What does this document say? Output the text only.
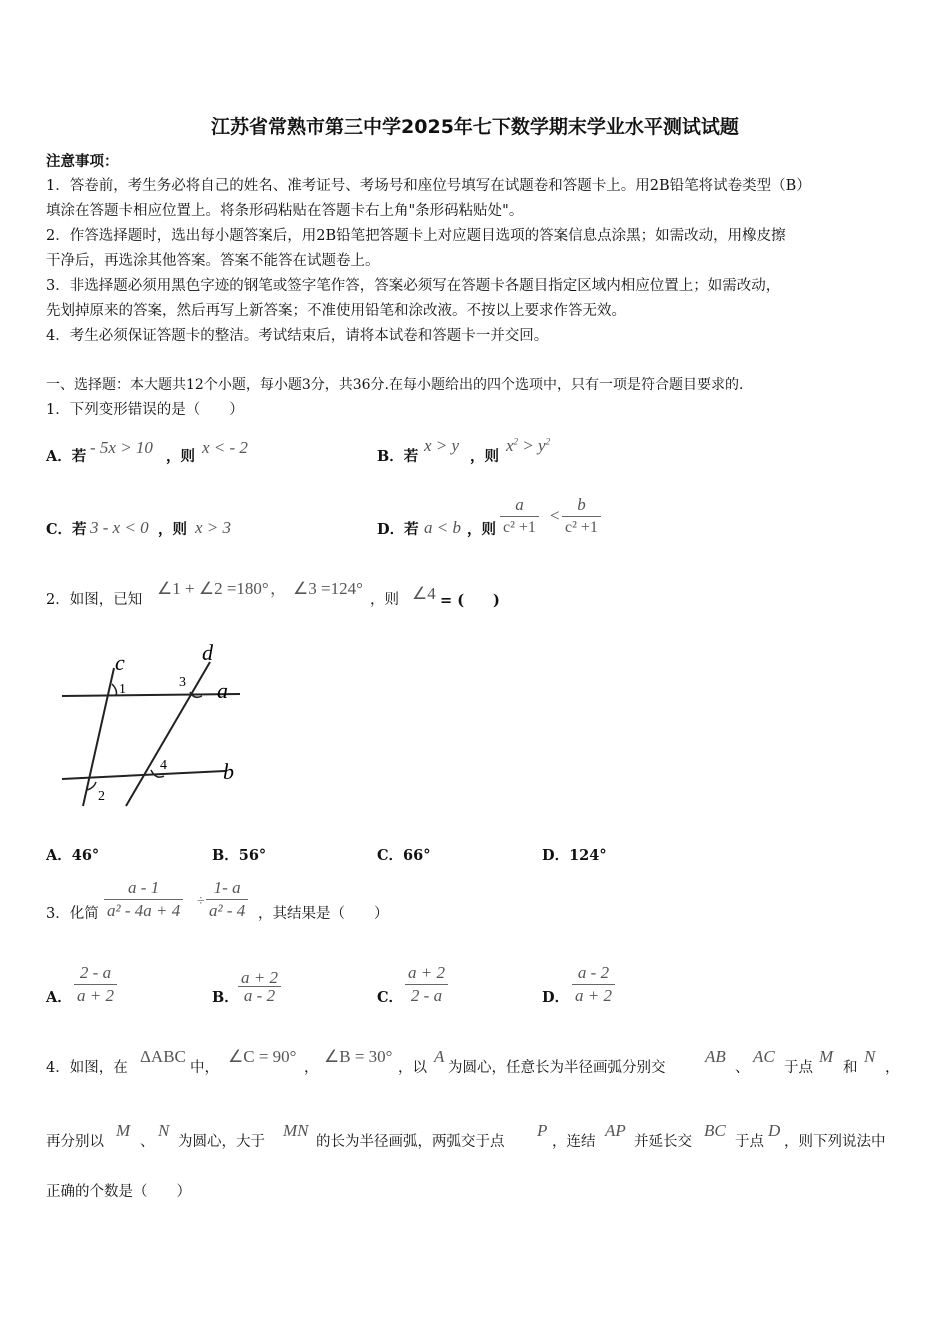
江苏省常熟市第三中学2025年七下数学期末学业水平测试试题
注意事项：
1．答卷前，考生务必将自己的姓名、准考证号、考场号和座位号填写在试题卷和答题卡上。用2B铅笔将试卷类型（B）
填涂在答题卡相应位置上。将条形码粘贴在答题卡右上角"条形码粘贴处"。
2．作答选择题时，选出每小题答案后，用2B铅笔把答题卡上对应题目选项的答案信息点涂黑；如需改动，用橡皮擦
干净后，再选涂其他答案。答案不能答在试题卷上。
3．非选择题必须用黑色字迹的钢笔或签字笔作答，答案必须写在答题卡各题目指定区域内相应位置上；如需改动，
先划掉原来的答案，然后再写上新答案；不准使用铅笔和涂改液。不按以上要求作答无效。
4．考生必须保证答题卡的整洁。考试结束后，请将本试卷和答题卡一并交回。
一、选择题：本大题共12个小题，每小题3分，共36分.在每小题给出的四个选项中，只有一项是符合题目要求的.
1．下列变形错误的是（　　）
A．若 - 5x > 10 ，则 x < - 2	B．若
x > y
，则
$x^2 > y^2$
C．若 3 - x < 0 ，则 x > 3	D．若 a < b ，则 $\frac{a}{\text{c² +1}} < \frac{b}{\text{c² +1}}$
2．如图，已知
∠1 + ∠2 =180° ， ∠3 =124°
，则 ∠4 = (　　)
c	d
a
b
1
2
3
4
A．46°	B．56°	C．66°	D．124°
3．化简 $\frac{a - 1}{\text{a² - 4a + 4}} \div \frac{1- a}{\text{a² - 4}}$ ，其结果是（　　）
A． $\frac{2 - a}{a + 2}$	B． $\frac{a + 2}{a - 2}$	C． $\frac{a + 2}{2 - a}$	D． $\frac{a - 2}{a + 2}$
4．如图，在
ΔABC
中，
∠C = 90°
，
∠B = 30°
，以
A
为圆心，任意长为半径画弧分别交
AB
、
AC
于点
M
和
N
，
再分别以
M
、
N
为圆心，大于
MN
的长为半径画弧，两弧交于点
P
，连结
AP
并延长交
BC
于点
D
，则下列说法中
正确的个数是（　　）
